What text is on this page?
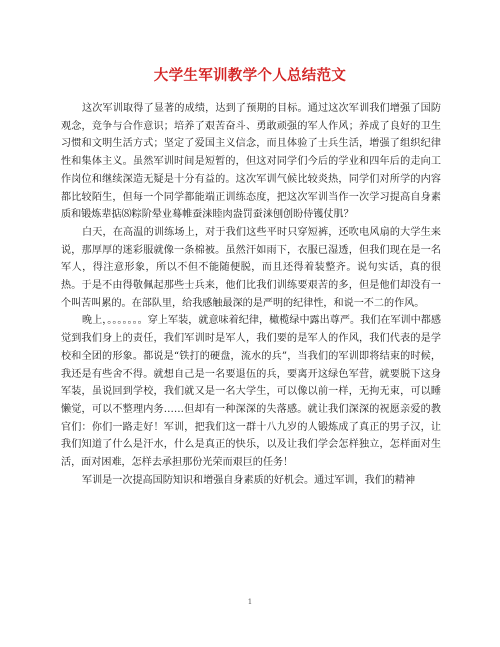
大学生军训教学个人总结范文

这次军训取得了显著的成绩，达到了预期的目标。通过这次军训我们增强了国防观念，竞争与合作意识；培养了艰苦奋斗、勇敢顽强的军人作风；养成了良好的卫生习惯和文明生活方式；坚定了爱国主义信念，而且体验了士兵生活，增强了组织纪律性和集体主义。虽然军训时间是短暂的，但这对同学们今后的学业和四年后的走向工作岗位和继续深造无疑是十分有益的。这次军训气候比较炎热，同学们对所学的内容都比较陌生，但每一个同学都能端正训练态度，把这次军训当作一次学习提高自身素质和锻炼辈掂⑻粽阶晕业蓦帷蚕涞睦肉盎罚蚕涞刨创盼侍镬仗肌？

白天，在高温的训练场上，对于我们这些平时只穿短裤，还吹电风扇的大学生来说，那厚厚的迷彩服就像一条棉被。虽然汗如雨下，衣服已湿透，但我们现在是一名军人，得注意形象，所以不但不能随便脱，而且还得着装整齐。说句实话，真的很热。于是不由得敬佩起那些士兵来，他们比我们训练要艰苦的多，但是他们却没有一个叫苦叫累的。在部队里，给我感触最深的是严明的纪律性，和说一不二的作风。

晚上，。。。。。。。穿上军装，就意味着纪律，橄榄绿中露出尊严。我们在军训中都感觉到我们身上的责任，我们军训时是军人，我们要的是军人的作风，我们代表的是学校和全团的形象。都说是“铁打的硬盘，流水的兵”，当我们的军训即将结束的时候，我还是有些舍不得。就想自己是一名要退伍的兵，要离开这绿色军营，就要脱下这身军装，虽说回到学校，我们就又是一名大学生，可以像以前一样，无拘无束，可以睡懒觉，可以不整理内务……但却有一种深深的失落感。就让我们深深的祝愿亲爱的教官们：你们一路走好！军训，把我们这一群十八九岁的人锻炼成了真正的男子汉，让我们知道了什么是汗水，什么是真正的快乐，以及让我们学会怎样独立，怎样面对生活，面对困难，怎样去承担那份光荣而艰巨的任务！

军训是一次提高国防知识和增强自身素质的好机会。通过军训，我们的精神

1
